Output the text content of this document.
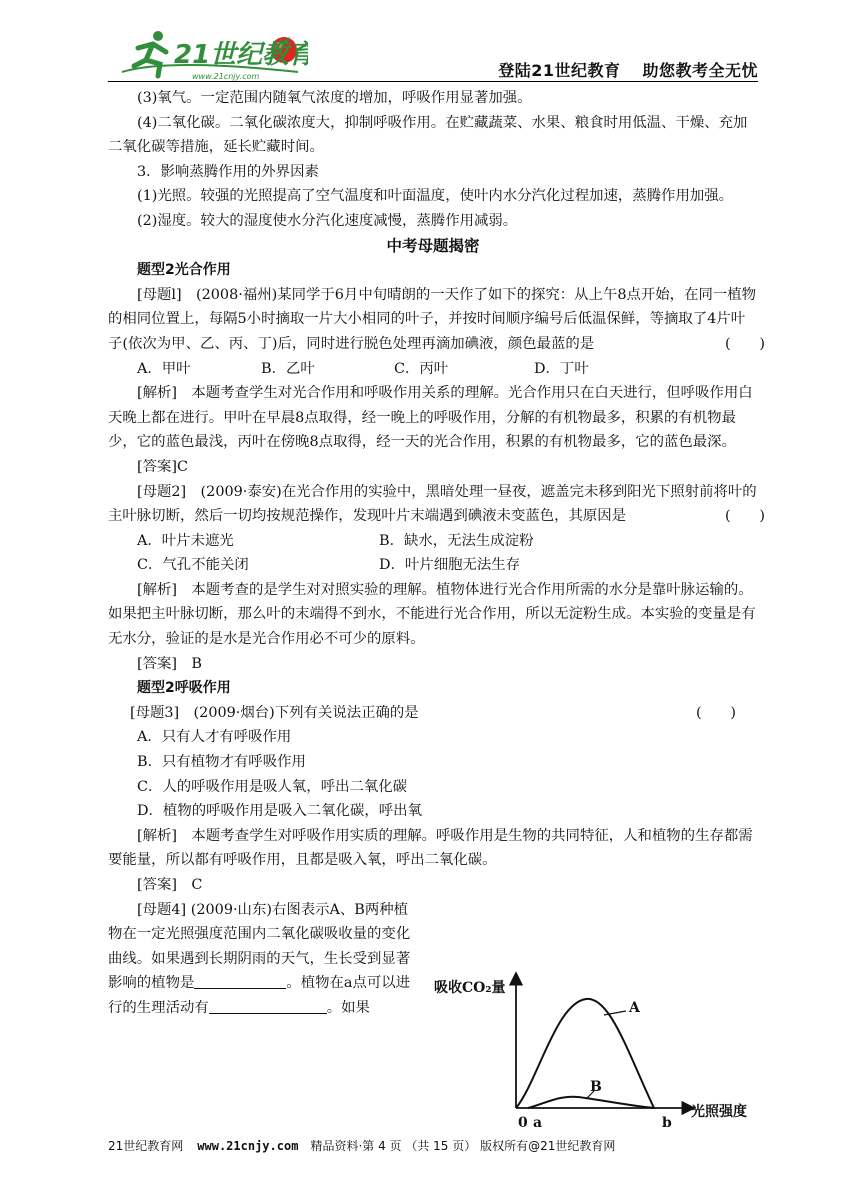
21世纪教育
www.21cnjy.com	登陆21世纪教育 助您教考全无忧

(3)氧气。一定范围内随氧气浓度的增加，呼吸作用显著加强。

(4)二氧化碳。二氧化碳浓度大，抑制呼吸作用。在贮藏蔬菜、水果、粮食时用低温、干燥、充加二氧化碳等措施，延长贮藏时间。

3．影响蒸腾作用的外界因素

(1)光照。较强的光照提高了空气温度和叶面温度，使叶内水分汽化过程加速，蒸腾作用加强。

(2)湿度。较大的湿度使水分汽化速度减慢，蒸腾作用减弱。

中考母题揭密

题型2光合作用

[母题l]　(2008·福州)某同学于6月中旬晴朗的一天作了如下的探究：从上午8点开始，在同一植物的相同位置上，每隔5小时摘取一片大小相同的叶子，并按时间顺序编号后低温保鲜，等摘取了4片叶子(依次为甲、乙、丙、丁)后，同时进行脱色处理再滴加碘液，颜色最蓝的是	(　　)

A．甲叶	B．乙叶	C．丙叶	D．丁叶

[解析]　本题考查学生对光合作用和呼吸作用关系的理解。光合作用只在白天进行，但呼吸作用白天晚上都在进行。甲叶在早晨8点取得，经一晚上的呼吸作用，分解的有机物最多，积累的有机物最少，它的蓝色最浅，丙叶在傍晚8点取得，经一天的光合作用，积累的有机物最多，它的蓝色最深。

[答案]C

[母题2]　(2009·泰安)在光合作用的实验中，黑暗处理一昼夜，遮盖完未移到阳光下照射前将叶的主叶脉切断，然后一切均按规范操作，发现叶片末端遇到碘液未变蓝色，其原因是	(　　)

A．叶片未遮光	B．缺水，无法生成淀粉
C．气孔不能关闭	D．叶片细胞无法生存

[解析]　本题考查的是学生对对照实验的理解。植物体进行光合作用所需的水分是靠叶脉运输的。如果把主叶脉切断，那么叶的末端得不到水，不能进行光合作用，所以无淀粉生成。本实验的变量是有无水分，验证的是水是光合作用必不可少的原料。

[答案]　B

题型2呼吸作用

[母题3]　(2009·烟台)下列有关说法正确的是	(　　)

A．只有人才有呼吸作用

B．只有植物才有呼吸作用

C．人的呼吸作用是吸人氧，呼出二氧化碳

D．植物的呼吸作用是吸入二氧化碳，呼出氧

[解析]　本题考查学生对呼吸作用实质的理解。呼吸作用是生物的共同特征，人和植物的生存都需要能量，所以都有呼吸作用，且都是吸入氧，呼出二氧化碳。

[答案]　C

[母题4] (2009·山东)右图表示A、B两种植物在一定光照强度范围内二氧化碳吸收量的变化曲线。如果遇到长期阴雨的天气，生长受到显著影响的植物是	。植物在a点可以进行的生理活动有	。如果

吸收CO₂量
光照强度
0 a	b
A
B
21世纪教育网 www.21cnjy.com 精品资料·第 4 页 （共 15 页） 版权所有@21世纪教育网
